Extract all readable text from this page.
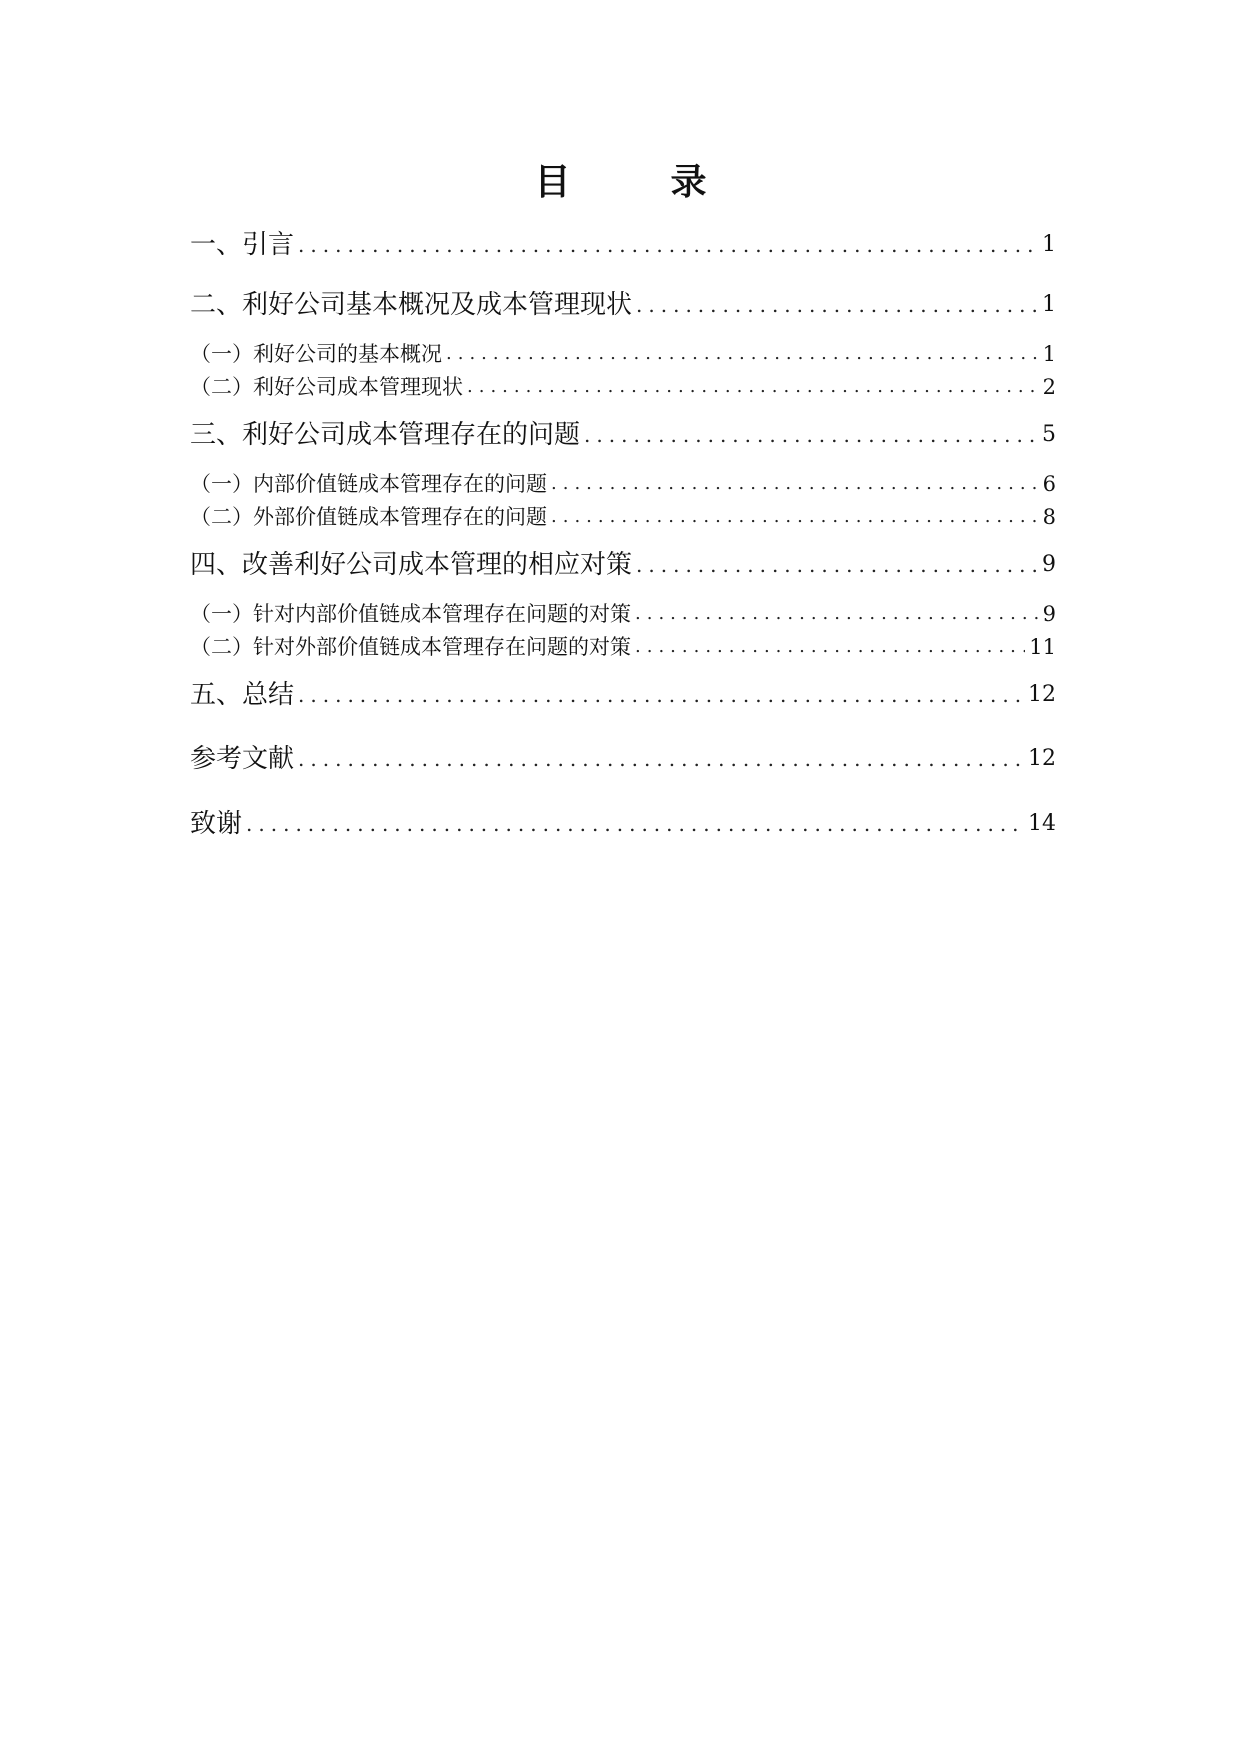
目　录
一、引言 .....	1
二、利好公司基本概况及成本管理现状 .....	1
（一）利好公司的基本概况 .....	1
（二）利好公司成本管理现状 .....	2
三、利好公司成本管理存在的问题 .....	5
（一）内部价值链成本管理存在的问题 .....	6
（二）外部价值链成本管理存在的问题 .....	8
四、改善利好公司成本管理的相应对策 .....	9
（一）针对内部价值链成本管理存在问题的对策 .....	9
（二）针对外部价值链成本管理存在问题的对策 .....	11
五、总结 .....	12
参考文献 .....	12
致谢 .....	14
